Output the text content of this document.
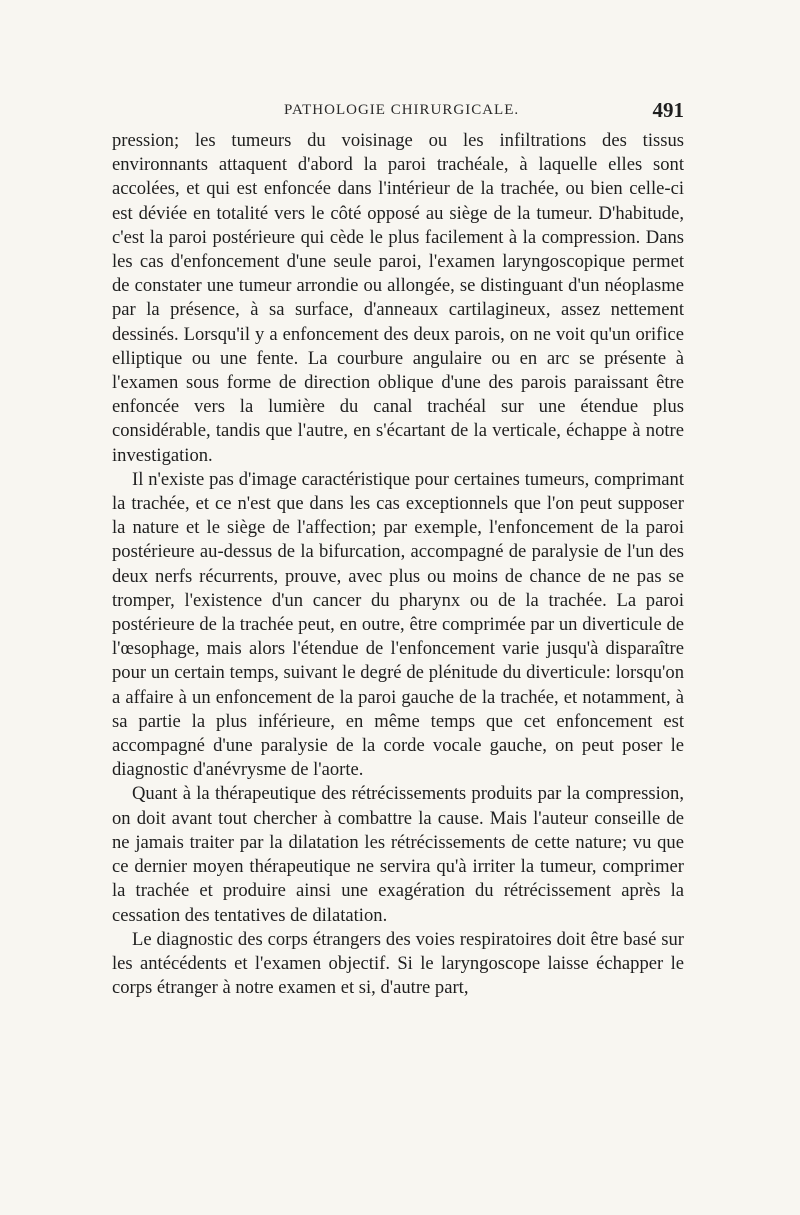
PATHOLOGIE CHIRURGICALE.	491

pression; les tumeurs du voisinage ou les infiltrations des tissus environnants attaquent d'abord la paroi trachéale, à laquelle elles sont accolées, et qui est enfoncée dans l'intérieur de la trachée, ou bien celle-ci est déviée en totalité vers le côté opposé au siège de la tumeur. D'habitude, c'est la paroi postérieure qui cède le plus facilement à la compression. Dans les cas d'enfoncement d'une seule paroi, l'examen laryngoscopique permet de constater une tumeur arrondie ou allongée, se distinguant d'un néoplasme par la présence, à sa surface, d'anneaux cartilagineux, assez nettement dessinés. Lorsqu'il y a enfoncement des deux parois, on ne voit qu'un orifice elliptique ou une fente. La courbure angulaire ou en arc se présente à l'examen sous forme de direction oblique d'une des parois paraissant être enfoncée vers la lumière du canal trachéal sur une étendue plus considérable, tandis que l'autre, en s'écartant de la verticale, échappe à notre investigation.

Il n'existe pas d'image caractéristique pour certaines tumeurs, comprimant la trachée, et ce n'est que dans les cas exceptionnels que l'on peut supposer la nature et le siège de l'affection; par exemple, l'enfoncement de la paroi postérieure au-dessus de la bifurcation, accompagné de paralysie de l'un des deux nerfs récurrents, prouve, avec plus ou moins de chance de ne pas se tromper, l'existence d'un cancer du pharynx ou de la trachée. La paroi postérieure de la trachée peut, en outre, être comprimée par un diverticule de l'œsophage, mais alors l'étendue de l'enfoncement varie jusqu'à disparaître pour un certain temps, suivant le degré de plénitude du diverticule: lorsqu'on a affaire à un enfoncement de la paroi gauche de la trachée, et notamment, à sa partie la plus inférieure, en même temps que cet enfoncement est accompagné d'une paralysie de la corde vocale gauche, on peut poser le diagnostic d'anévrysme de l'aorte.

Quant à la thérapeutique des rétrécissements produits par la compression, on doit avant tout chercher à combattre la cause. Mais l'auteur conseille de ne jamais traiter par la dilatation les rétrécissements de cette nature; vu que ce dernier moyen thérapeutique ne servira qu'à irriter la tumeur, comprimer la trachée et produire ainsi une exagération du rétrécissement après la cessation des tentatives de dilatation.

Le diagnostic des corps étrangers des voies respiratoires doit être basé sur les antécédents et l'examen objectif. Si le laryngoscope laisse échapper le corps étranger à notre examen et si, d'autre part,
